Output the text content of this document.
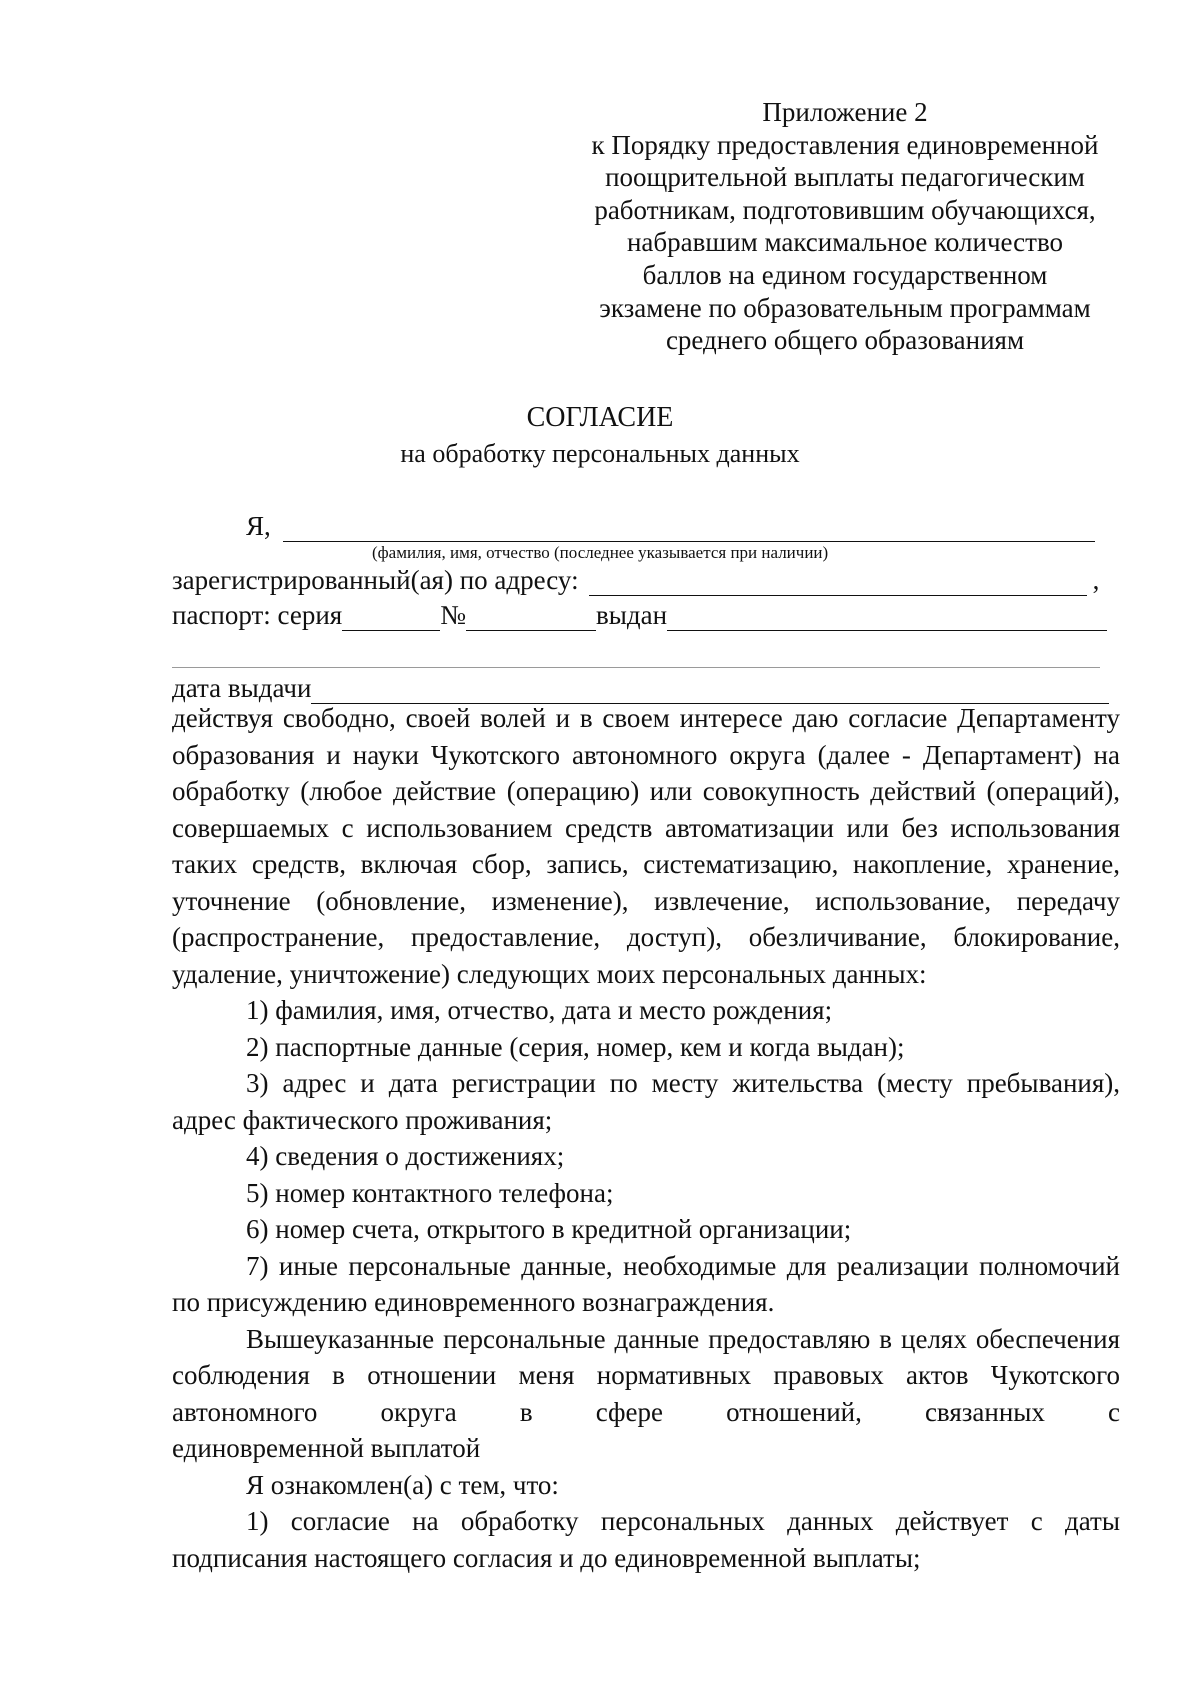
Приложение 2
к Порядку предоставления единовременной
поощрительной выплаты педагогическим
работникам, подготовившим обучающихся,
набравшим максимальное количество
баллов на едином государственном
экзамене по образовательным программам
среднего общего образованиям
СОГЛАСИЕ
на обработку персональных данных
Я,
(фамилия, имя, отчество (последнее указывается при наличии)
зарегистрированный(ая) по адресу:	,
паспорт: серия	№	выдан
дата выдачи

действуя свободно, своей волей и в своем интересе даю согласие Департаменту образования и науки Чукотского автономного округа (далее - Департамент) на обработку (любое действие (операцию) или совокупность действий (операций), совершаемых с использованием средств автоматизации или без использования таких средств, включая сбор, запись, систематизацию, накопление, хранение, уточнение (обновление, изменение), извлечение, использование, передачу (распространение, предоставление, доступ), обезличивание, блокирование, удаление, уничтожение) следующих моих персональных данных:

1) фамилия, имя, отчество, дата и место рождения;

2) паспортные данные (серия, номер, кем и когда выдан);

3) адрес и дата регистрации по месту жительства (месту пребывания), адрес фактического проживания;

4) сведения о достижениях;

5) номер контактного телефона;

6) номер счета, открытого в кредитной организации;

7) иные персональные данные, необходимые для реализации полномочий по присуждению единовременного вознаграждения.

Вышеуказанные персональные данные предоставляю в целях обеспечения соблюдения в отношении меня нормативных правовых актов Чукотского автономного округа в сфере отношений, связанных с

единовременной выплатой

Я ознакомлен(а) с тем, что:

1) согласие на обработку персональных данных действует с даты подписания настоящего согласия и до единовременной выплаты;
